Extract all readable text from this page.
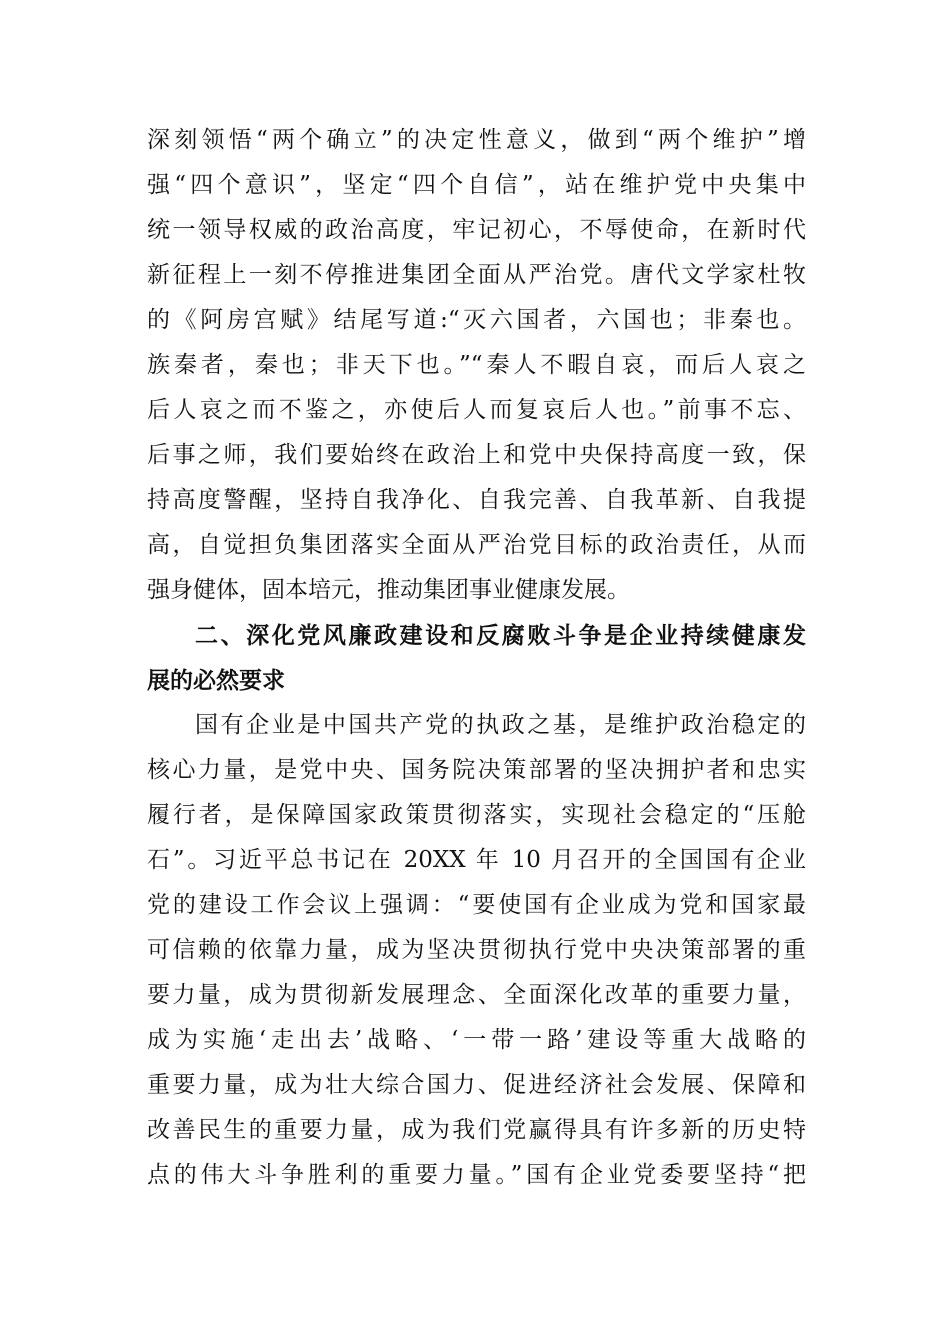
深刻领悟“两个确立”的决定性意义，做到“两个维护”增
强“四个意识”，坚定“四个自信”，站在维护党中央集中
统一领导权威的政治高度，牢记初心，不辱使命，在新时代
新征程上一刻不停推进集团全面从严治党。唐代文学家杜牧
的《阿房宫赋》结尾写道:“灭六国者，六国也；非秦也。
族秦者，秦也；非天下也。”“秦人不暇自哀，而后人哀之
后人哀之而不鉴之，亦使后人而复哀后人也。”前事不忘、
后事之师，我们要始终在政治上和党中央保持高度一致，保
持高度警醒，坚持自我净化、自我完善、自我革新、自我提
高，自觉担负集团落实全面从严治党目标的政治责任，从而
强身健体，固本培元，推动集团事业健康发展。
二、深化党风廉政建设和反腐败斗争是企业持续健康发
展的必然要求
国有企业是中国共产党的执政之基，是维护政治稳定的
核心力量，是党中央、国务院决策部署的坚决拥护者和忠实
履行者，是保障国家政策贯彻落实，实现社会稳定的“压舱
石”。习近平总书记在 20XX 年 10 月召开的全国国有企业
党的建设工作会议上强调：“要使国有企业成为党和国家最
可信赖的依靠力量，成为坚决贯彻执行党中央决策部署的重
要力量，成为贯彻新发展理念、全面深化改革的重要力量，
成为实施‘走出去’战略、‘一带一路’建设等重大战略的
重要力量，成为壮大综合国力、促进经济社会发展、保障和
改善民生的重要力量，成为我们党赢得具有许多新的历史特
点的伟大斗争胜利的重要力量。”国有企业党委要坚持“把
